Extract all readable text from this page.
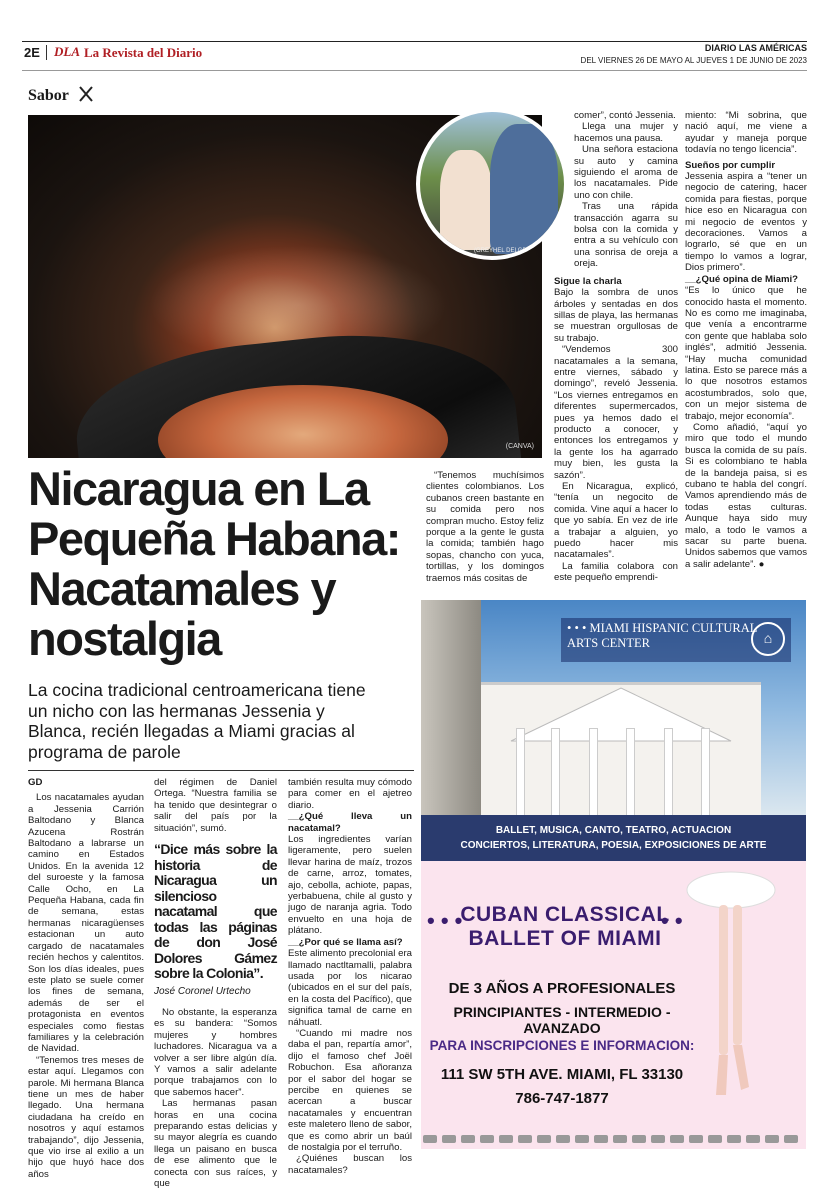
2E	DLA La Revista del Diario	DIARIO LAS AMÉRICAS
DEL VIERNES 26 DE MAYO AL JUEVES 1 DE JUNIO DE 2023
Sabor
(CANVA)
(GREYHEL DELGDO)
Nicaragua en La Pequeña Habana: Nacatamales y nostalgia
La cocina tradicional centroamericana tiene un nicho con las hermanas Jessenia y Blanca, recién llegadas a Miami gracias al programa de parole
GD

Los nacatamales ayudan a Jessenia Carrión Baltodano y Blanca Azucena Rostrán Baltodano a labrarse un camino en Estados Unidos. En la avenida 12 del suroeste y la famosa Calle Ocho, en La Pequeña Habana, cada fin de semana, estas hermanas nicaragüenses estacionan un auto cargado de nacatamales recién hechos y calentitos. Son los días ideales, pues este plato se suele comer los fines de semana, además de ser el protagonista en eventos especiales como fiestas familiares y la celebración de Navidad.

“Tenemos tres meses de estar aquí. Llegamos con parole. Mi hermana Blanca tiene un mes de haber llegado. Una hermana ciudadana ha creído en nosotros y aquí estamos trabajando”, dijo Jessenia, que vio irse al exilio a un hijo que huyó hace dos años

del régimen de Daniel Ortega. “Nuestra familia se ha tenido que desintegrar o salir del país por la situación”, sumó.

“Dice más sobre la historia de Nicaragua un silencioso nacatamal que todas las páginas de don José Dolores Gámez sobre la Colonia”.
José Coronel Urtecho

No obstante, la esperanza es su bandera: “Somos mujeres y hombres luchadores. Nicaragua va a volver a ser libre algún día. Y vamos a salir adelante porque trabajamos con lo que sabemos hacer”.

Las hermanas pasan horas en una cocina preparando estas delicias y su mayor alegría es cuando llega un paisano en busca de ese alimento que le conecta con sus raíces, y que

también resulta muy cómodo para comer en el ajetreo diario.

__¿Qué lleva un nacatamal?

Los ingredientes varían ligeramente, pero suelen llevar harina de maíz, trozos de carne, arroz, tomates, ajo, cebolla, achiote, papas, yerbabuena, chile al gusto y jugo de naranja agria. Todo envuelto en una hoja de plátano.

__¿Por qué se llama así?

Este alimento precolonial era llamado nactltamalli, palabra usada por los nicarao (ubicados en el sur del país, en la costa del Pacífico), que significa tamal de carne en náhuatl.

“Cuando mi madre nos daba el pan, repartía amor”, dijo el famoso chef Joël Robuchon. Esa añoranza por el sabor del hogar se percibe en quienes se acercan a buscar nacatamales y encuentran este maletero lleno de sabor, que es como abrir un baúl de nostalgia por el terruño.

¿Quiénes buscan los nacatamales?

“Tenemos muchísimos clientes colombianos. Los cubanos creen bastante en su comida pero nos compran mucho. Estoy feliz porque a la gente le gusta la comida; también hago sopas, chancho con yuca, tortillas, y los domingos traemos más cositas de

comer”, contó Jessenia.

Llega una mujer y hacemos una pausa.

Una señora estaciona su auto y camina siguiendo el aroma de los nacatamales. Pide uno con chile.

Tras una rápida transacción agarra su bolsa con la comida y entra a su vehículo con una sonrisa de oreja a oreja.

Sigue la charla

Bajo la sombra de unos árboles y sentadas en dos sillas de playa, las hermanas se muestran orgullosas de su trabajo.

“Vendemos 300 nacatamales a la semana, entre viernes, sábado y domingo”, reveló Jessenia. “Los viernes entregamos en diferentes supermercados, pues ya hemos dado el producto a conocer, y entonces los entregamos y la gente los ha agarrado muy bien, les gusta la sazón”.

En Nicaragua, explicó, “tenía un negocito de comida. Vine aquí a hacer lo que yo sabía. En vez de irle a trabajar a alguien, yo puedo hacer mis nacatamales”.

La familia colabora con este pequeño emprendi-

miento: “Mi sobrina, que nació aquí, me viene a ayudar y maneja porque todavía no tengo licencia”.

Sueños por cumplir

Jessenia aspira a “tener un negocio de catering, hacer comida para fiestas, porque hice eso en Nicaragua con mi negocio de eventos y decoraciones. Vamos a lograrlo, sé que en un tiempo lo vamos a lograr, Dios primero”.

__¿Qué opina de Miami?

“Es lo único que he conocido hasta el momento. No es como me imaginaba, que venía a encontrarme con gente que hablaba solo inglés”, admitió Jessenia. “Hay mucha comunidad latina. Esto se parece más a lo que nosotros estamos acostumbrados, solo que, con un mejor sistema de trabajo, mejor economía”.

Como añadió, “aquí yo miro que todo el mundo busca la comida de su país. Si es colombiano te habla de la bandeja paisa, si es cubano te habla del congrí. Vamos aprendiendo más de todas estas culturas. Aunque haya sido muy malo, a todo le vamos a sacar su parte buena. Unidos sabemos que vamos a salir adelante”. ●

• • • MIAMI HISPANIC CULTURAL ARTS CENTER	⌂
BALLET, MUSICA, CANTO, TEATRO, ACTUACION
CONCIERTOS, LITERATURA, POESIA, EXPOSICIONES DE ARTE
• • •	• •
CUBAN CLASSICAL BALLET OF MIAMI
DE 3 AÑOS A PROFESIONALES
PRINCIPIANTES - INTERMEDIO - AVANZADO
PARA INSCRIPCIONES E INFORMACION:
111 SW 5TH AVE. MIAMI, FL 33130
786-747-1877
